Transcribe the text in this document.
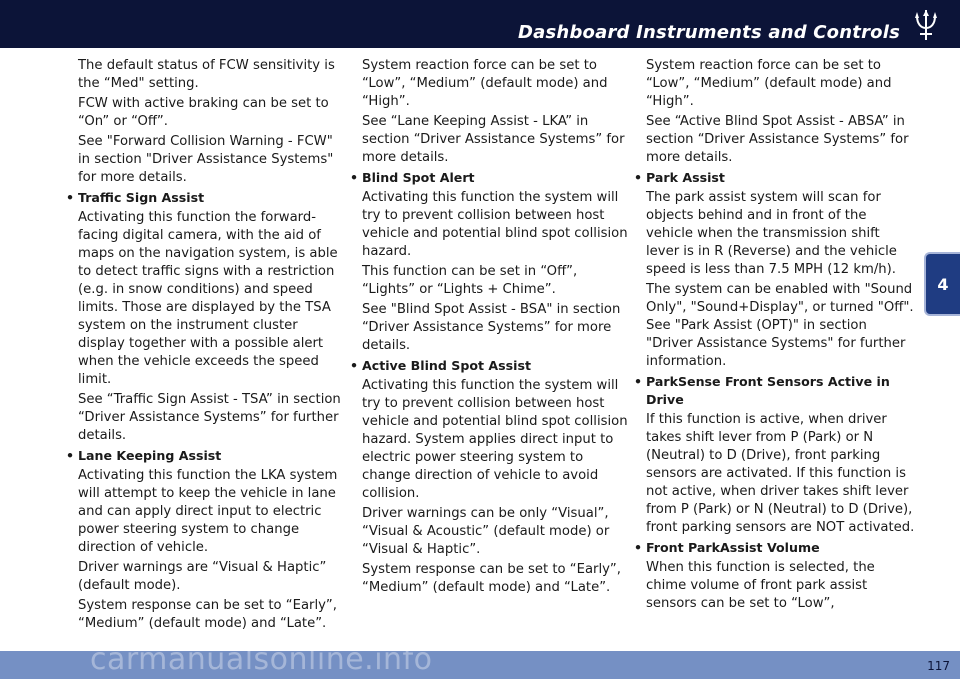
Dashboard Instruments and Controls
4
The default status of FCW sensitivity is the “Med" setting.
FCW with active braking can be set to “On” or “Off”.
See "Forward Collision Warning - FCW" in section "Driver Assistance Systems" for more details.
• Traffic Sign Assist
Activating this function the forward-facing digital camera, with the aid of maps on the navigation system, is able to detect traffic signs with a restriction (e.g. in snow conditions) and speed limits. Those are displayed by the TSA system on the instrument cluster display together with a possible alert when the vehicle exceeds the speed limit.
See “Traffic Sign Assist - TSA” in section “Driver Assistance Systems” for further details.
• Lane Keeping Assist
Activating this function the LKA system will attempt to keep the vehicle in lane and can apply direct input to electric power steering system to change direction of vehicle.
Driver warnings are “Visual & Haptic” (default mode).
System response can be set to “Early”, “Medium” (default mode) and “Late”.
System reaction force can be set to “Low”, “Medium” (default mode) and “High”.
See “Lane Keeping Assist - LKA” in section “Driver Assistance Systems” for more details.
• Blind Spot Alert
Activating this function the system will try to prevent collision between host vehicle and potential blind spot collision hazard.
This function can be set in “Off”, “Lights” or “Lights + Chime”.
See "Blind Spot Assist - BSA" in section “Driver Assistance Systems” for more details.
• Active Blind Spot Assist
Activating this function the system will try to prevent collision between host vehicle and potential blind spot collision hazard. System applies direct input to electric power steering system to change direction of vehicle to avoid collision.
Driver warnings can be only “Visual”, “Visual & Acoustic” (default mode) or “Visual & Haptic”.
System response can be set to “Early”, “Medium” (default mode) and “Late”.
System reaction force can be set to “Low”, “Medium” (default mode) and “High”.
See “Active Blind Spot Assist - ABSA” in section “Driver Assistance Systems” for more details.
• Park Assist
The park assist system will scan for objects behind and in front of the vehicle when the transmission shift lever is in R (Reverse) and the vehicle speed is less than 7.5 MPH (12 km/h).
The system can be enabled with "Sound Only", "Sound+Display", or turned "Off". See "Park Assist (OPT)" in section "Driver Assistance Systems" for further information.
• ParkSense Front Sensors Active in Drive
If this function is active, when driver takes shift lever from P (Park) or N (Neutral) to D (Drive), front parking sensors are activated. If this function is not active, when driver takes shift lever from P (Park) or N (Neutral) to D (Drive), front parking sensors are NOT activated.
• Front ParkAssist Volume
When this function is selected, the chime volume of front park assist sensors can be set to “Low”,
carmanualsonline.info	117
